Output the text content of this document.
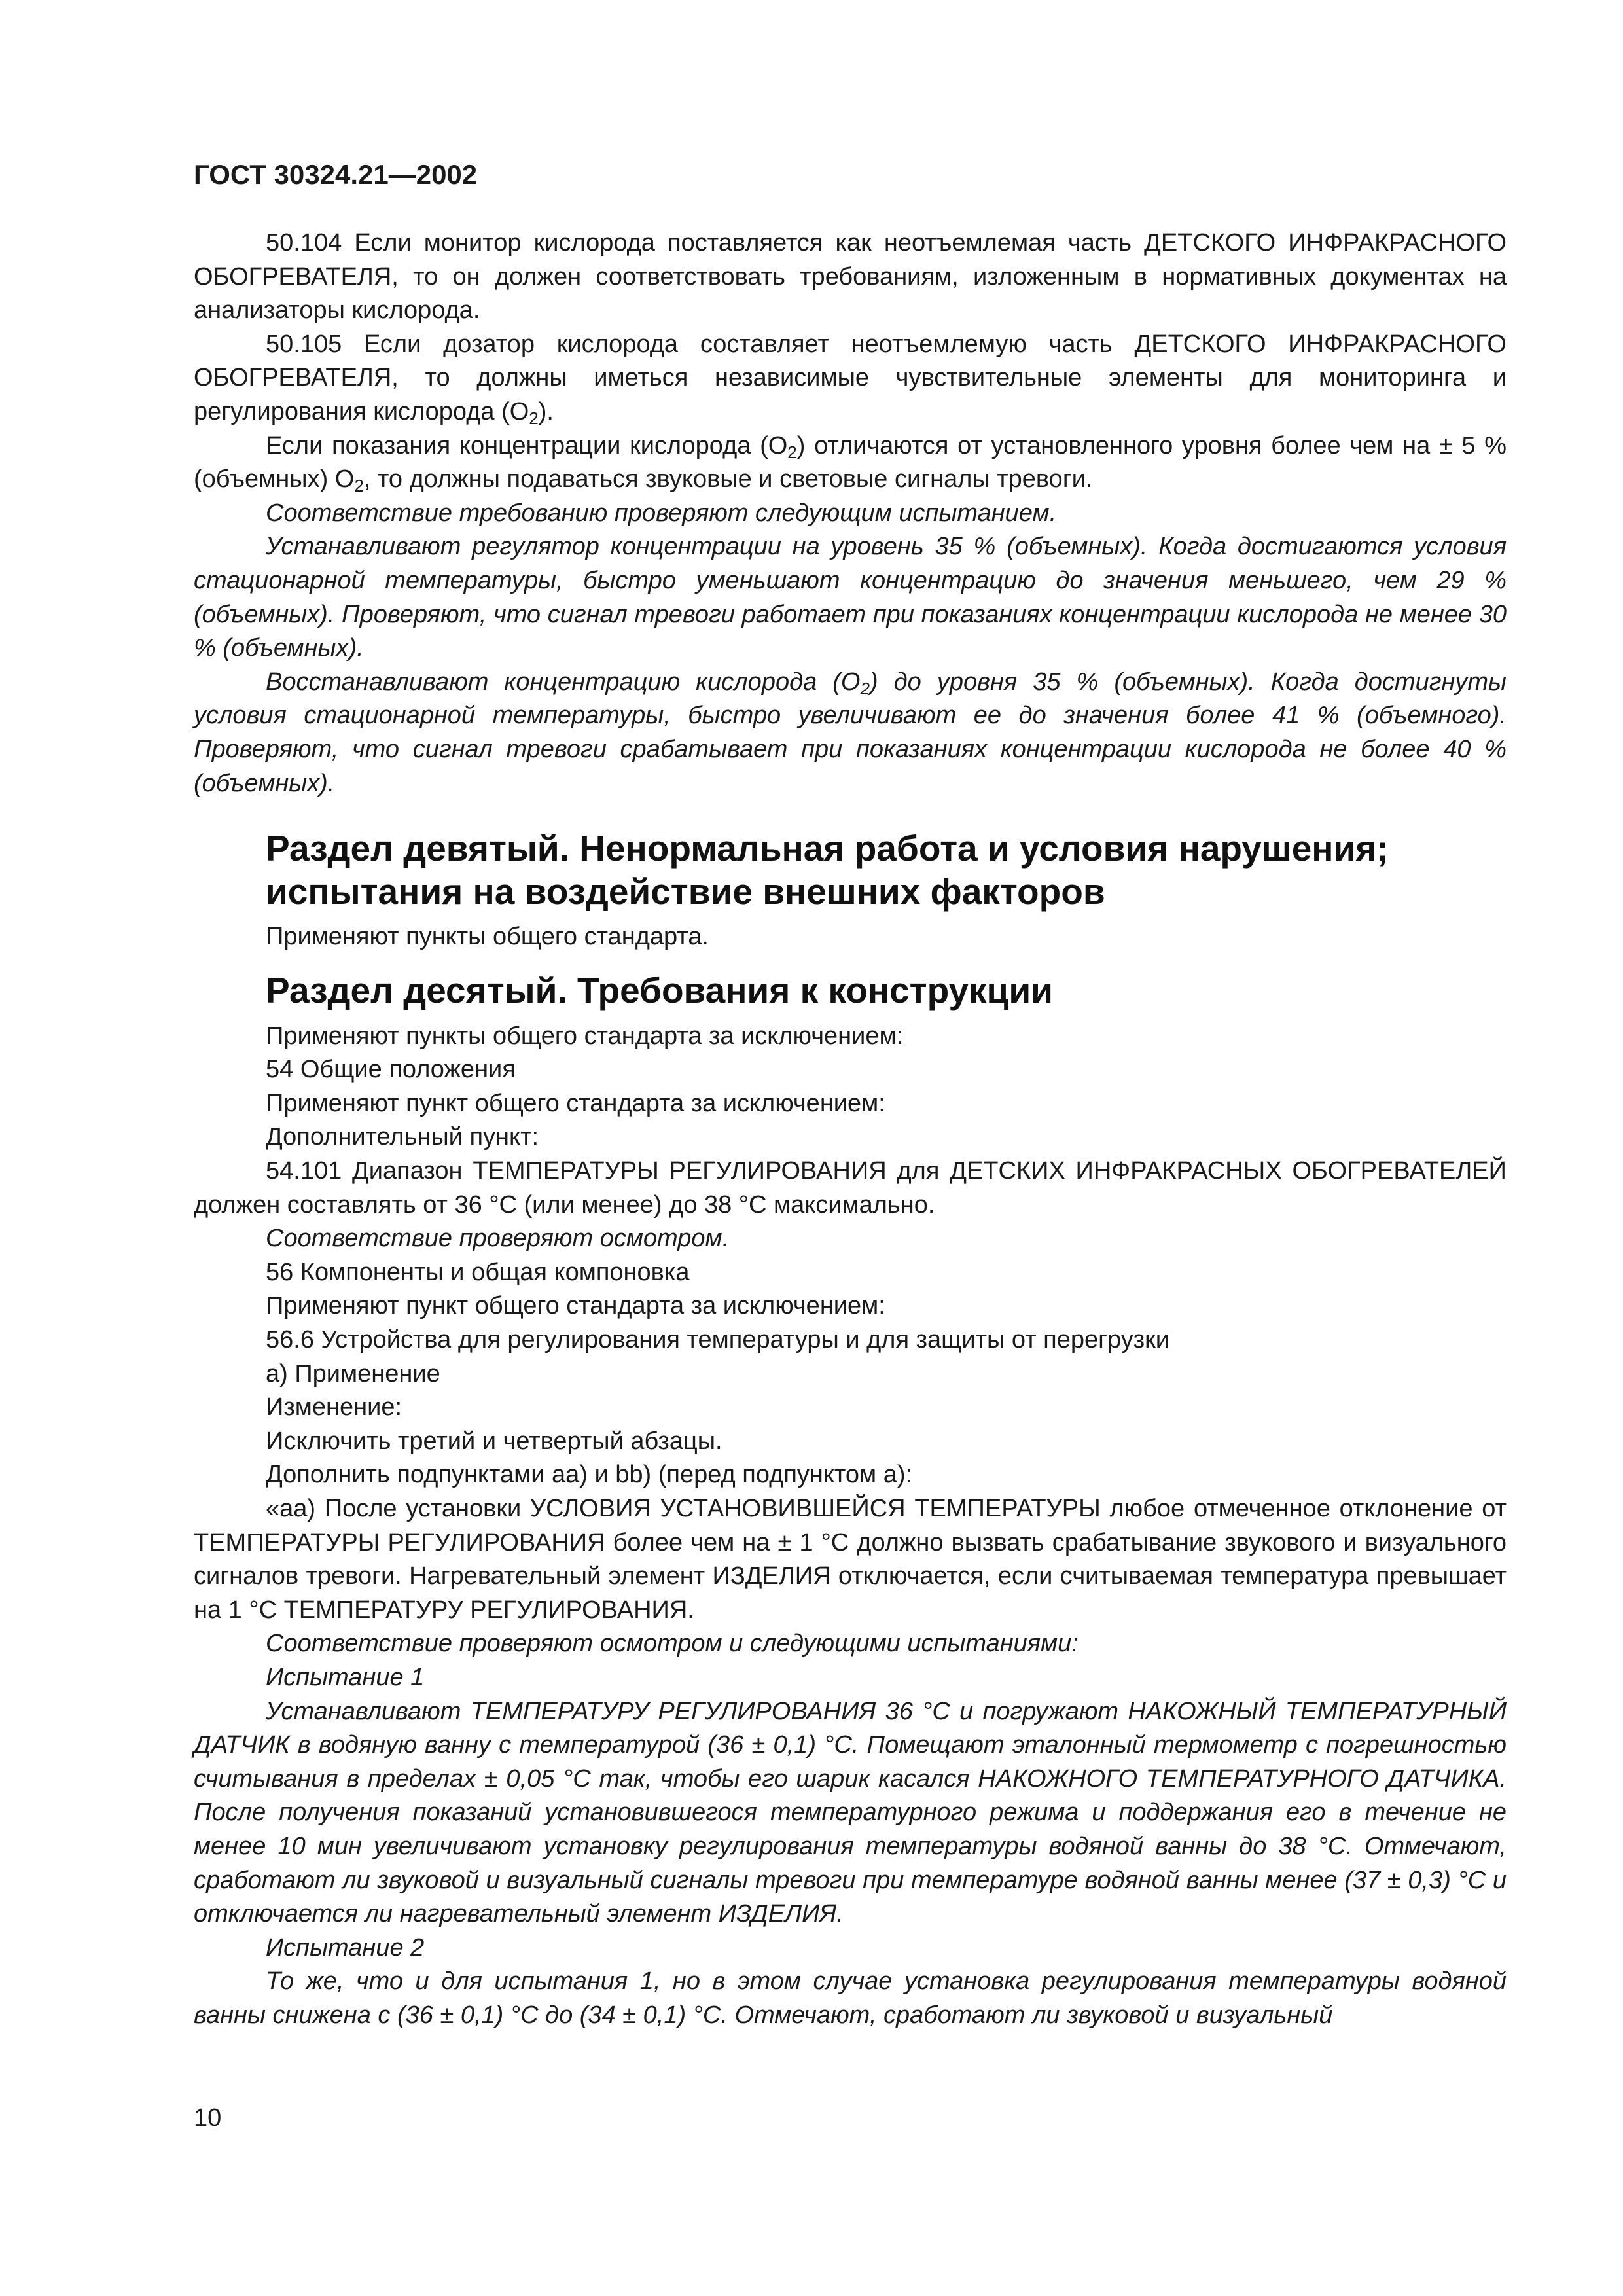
ГОСТ 30324.21—2002

50.104 Если монитор кислорода поставляется как неотъемлемая часть ДЕТСКОГО ИНФРАКРАСНОГО ОБОГРЕВАТЕЛЯ, то он должен соответствовать требованиям, изложенным в нормативных документах на анализаторы кислорода.

50.105 Если дозатор кислорода составляет неотъемлемую часть ДЕТСКОГО ИНФРАКРАСНОГО ОБОГРЕВАТЕЛЯ, то должны иметься независимые чувствительные элементы для мониторинга и регулирования кислорода $(O_2)$.

Если показания концентрации кислорода $(O_2)$ отличаются от установленного уровня более чем на ± 5 % (объемных) $O_2$, то должны подаваться звуковые и световые сигналы тревоги.

Соответствие требованию проверяют следующим испытанием.

Устанавливают регулятор концентрации на уровень 35 % (объемных). Когда достигаются условия стационарной температуры, быстро уменьшают концентрацию до значения меньшего, чем 29 % (объемных). Проверяют, что сигнал тревоги работает при показаниях концентрации кислорода не менее 30 % (объемных).

Восстанавливают концентрацию кислорода $(O_2)$ до уровня 35 % (объемных). Когда достигнуты условия стационарной температуры, быстро увеличивают ее до значения более 41 % (объемного). Проверяют, что сигнал тревоги срабатывает при показаниях концентрации кислорода не более 40 % (объемных).

Раздел девятый. Ненормальная работа и условия нарушения; испытания на воздействие внешних факторов

Применяют пункты общего стандарта.

Раздел десятый. Требования к конструкции

Применяют пункты общего стандарта за исключением:

54 Общие положения

Применяют пункт общего стандарта за исключением:

Дополнительный пункт:

54.101 Диапазон ТЕМПЕРАТУРЫ РЕГУЛИРОВАНИЯ для ДЕТСКИХ ИНФРАКРАСНЫХ ОБОГРЕВАТЕЛЕЙ должен составлять от 36 °С (или менее) до 38 °С максимально.

Соответствие проверяют осмотром.

56 Компоненты и общая компоновка

Применяют пункт общего стандарта за исключением:

56.6 Устройства для регулирования температуры и для защиты от перегрузки

а) Применение

Изменение:

Исключить третий и четвертый абзацы.

Дополнить подпунктами аа) и bb) (перед подпунктом а):

«аа) После установки УСЛОВИЯ УСТАНОВИВШЕЙСЯ ТЕМПЕРАТУРЫ любое отмеченное отклонение от ТЕМПЕРАТУРЫ РЕГУЛИРОВАНИЯ более чем на ± 1 °С должно вызвать срабатывание звукового и визуального сигналов тревоги. Нагревательный элемент ИЗДЕЛИЯ отключается, если считываемая температура превышает на 1 °С ТЕМПЕРАТУРУ РЕГУЛИРОВАНИЯ.

Соответствие проверяют осмотром и следующими испытаниями:

Испытание 1

Устанавливают ТЕМПЕРАТУРУ РЕГУЛИРОВАНИЯ 36 °С и погружают НАКОЖНЫЙ ТЕМПЕРАТУРНЫЙ ДАТЧИК в водяную ванну с температурой (36 ± 0,1) °С. Помещают эталонный термометр с погрешностью считывания в пределах ± 0,05 °С так, чтобы его шарик касался НАКОЖНОГО ТЕМПЕРАТУРНОГО ДАТЧИКА. После получения показаний установившегося температурного режима и поддержания его в течение не менее 10 мин увеличивают установку регулирования температуры водяной ванны до 38 °С. Отмечают, сработают ли звуковой и визуальный сигналы тревоги при температуре водяной ванны менее (37 ± 0,3) °С и отключается ли нагревательный элемент ИЗДЕЛИЯ.

Испытание 2

То же, что и для испытания 1, но в этом случае установка регулирования температуры водяной ванны снижена с (36 ± 0,1) °С до (34 ± 0,1) °С. Отмечают, сработают ли звуковой и визуальный

10
